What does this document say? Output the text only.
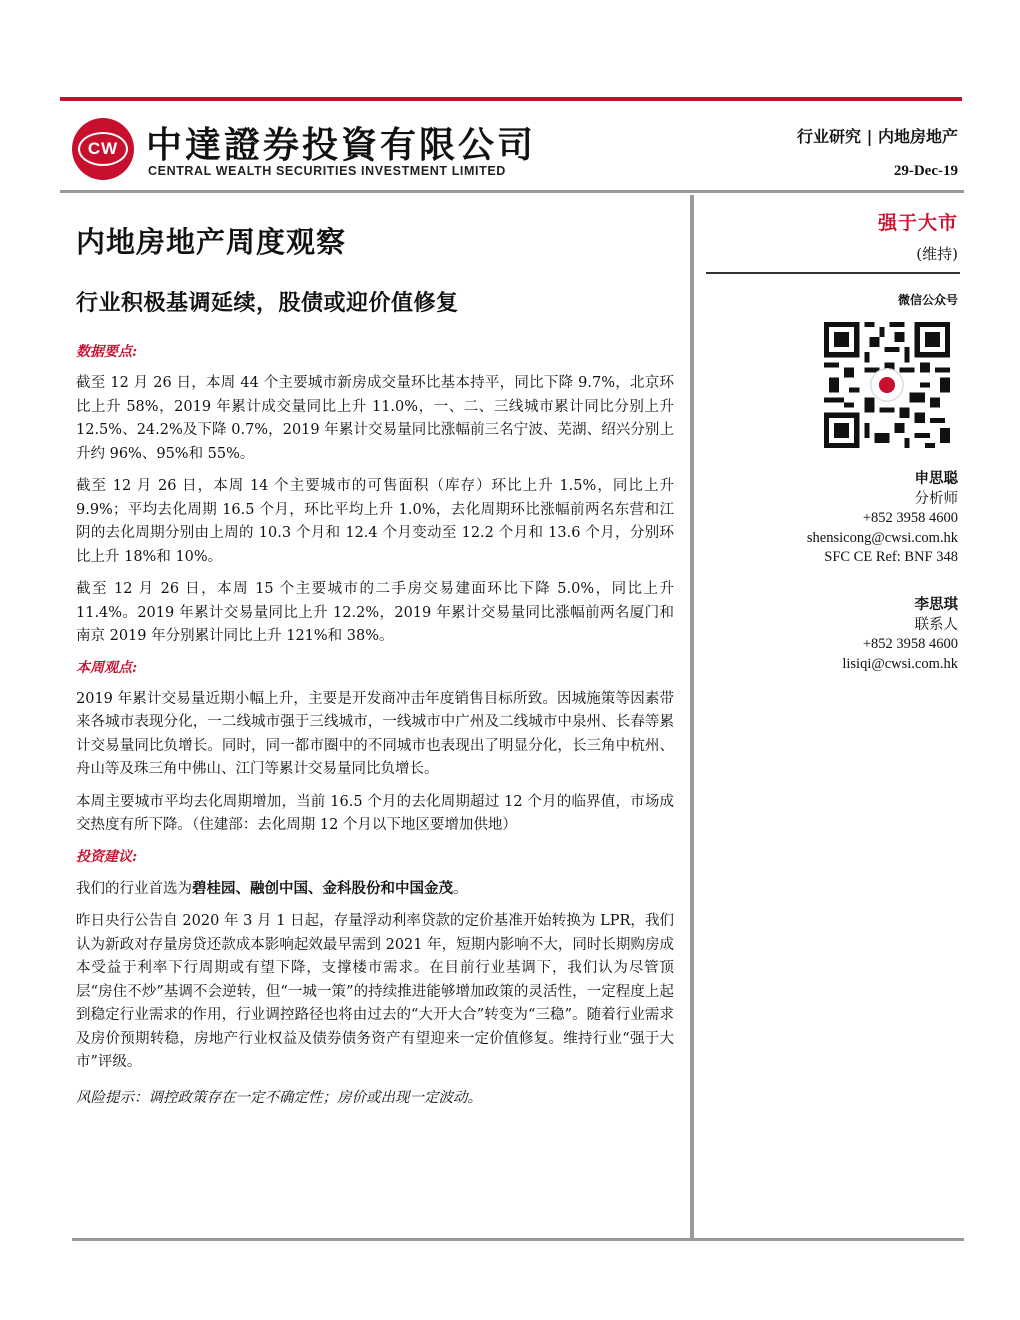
CW 中達證券投資有限公司
CENTRAL WEALTH SECURITIES INVESTMENT LIMITED
行业研究 | 内地房地产
29-Dec-19
内地房地产周度观察
行业积极基调延续，股债或迎价值修复
数据要点:

截至 12 月 26 日，本周 44 个主要城市新房成交量环比基本持平，同比下降 9.7%，北京环比上升 58%，2019 年累计成交量同比上升 11.0%，一、二、三线城市累计同比分别上升 12.5%、24.2%及下降 0.7%，2019 年累计交易量同比涨幅前三名宁波、芜湖、绍兴分别上升约 96%、95%和 55%。

截至 12 月 26 日，本周 14 个主要城市的可售面积（库存）环比上升 1.5%，同比上升 9.9%；平均去化周期 16.5 个月，环比平均上升 1.0%，去化周期环比涨幅前两名东营和江阴的去化周期分别由上周的 10.3 个月和 12.4 个月变动至 12.2 个月和 13.6 个月，分别环比上升 18%和 10%。

截至 12 月 26 日，本周 15 个主要城市的二手房交易建面环比下降 5.0%，同比上升 11.4%。2019 年累计交易量同比上升 12.2%，2019 年累计交易量同比涨幅前两名厦门和南京 2019 年分别累计同比上升 121%和 38%。

本周观点:

2019 年累计交易量近期小幅上升，主要是开发商冲击年度销售目标所致。因城施策等因素带来各城市表现分化，一二线城市强于三线城市，一线城市中广州及二线城市中泉州、长春等累计交易量同比负增长。同时，同一都市圈中的不同城市也表现出了明显分化，长三角中杭州、舟山等及珠三角中佛山、江门等累计交易量同比负增长。

本周主要城市平均去化周期增加，当前 16.5 个月的去化周期超过 12 个月的临界值，市场成交热度有所下降。（住建部：去化周期 12 个月以下地区要增加供地）

投资建议:

我们的行业首选为碧桂园、融创中国、金科股份和中国金茂。

昨日央行公告自 2020 年 3 月 1 日起，存量浮动利率贷款的定价基准开始转换为 LPR，我们认为新政对存量房贷还款成本影响起效最早需到 2021 年，短期内影响不大，同时长期购房成本受益于利率下行周期或有望下降，支撑楼市需求。在目前行业基调下，我们认为尽管顶层“房住不炒”基调不会逆转，但“一城一策”的持续推进能够增加政策的灵活性，一定程度上起到稳定行业需求的作用，行业调控路径也将由过去的“大开大合”转变为“三稳”。随着行业需求及房价预期转稳，房地产行业权益及债券债务资产有望迎来一定价值修复。维持行业“强于大市”评级。

风险提示：调控政策存在一定不确定性；房价或出现一定波动。
强于大市
(维持)
微信公众号
申思聪
分析师
+852 3958 4600
shensicong@cwsi.com.hk
SFC CE Ref: BNF 348
李思琪
联系人
+852 3958 4600
lisiqi@cwsi.com.hk
